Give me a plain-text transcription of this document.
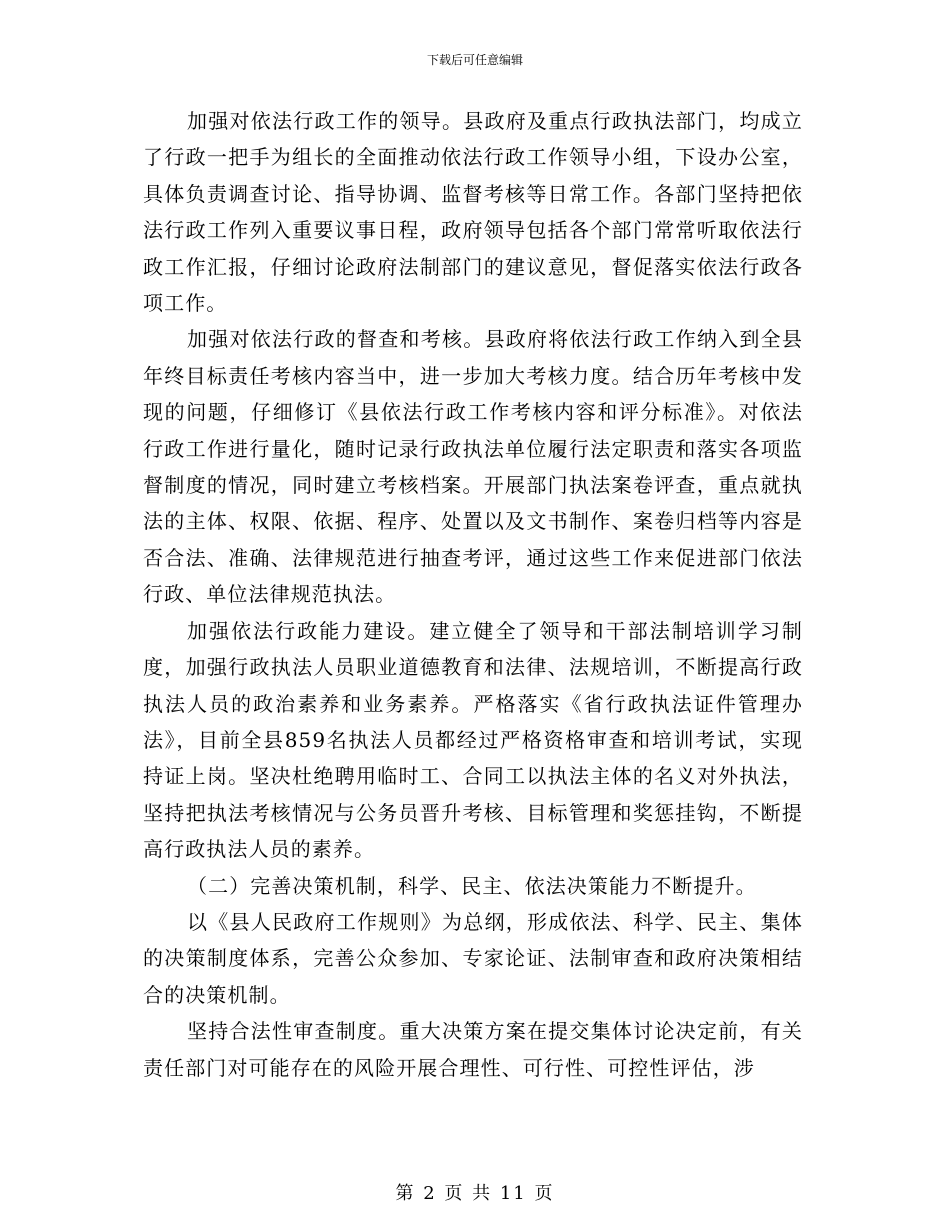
下载后可任意编辑

加强对依法行政工作的领导。县政府及重点行政执法部门，均成立了行政一把手为组长的全面推动依法行政工作领导小组，下设办公室，具体负责调查讨论、指导协调、监督考核等日常工作。各部门坚持把依法行政工作列入重要议事日程，政府领导包括各个部门常常听取依法行政工作汇报，仔细讨论政府法制部门的建议意见，督促落实依法行政各项工作。

加强对依法行政的督查和考核。县政府将依法行政工作纳入到全县年终目标责任考核内容当中，进一步加大考核力度。结合历年考核中发现的问题，仔细修订《县依法行政工作考核内容和评分标准》。对依法行政工作进行量化，随时记录行政执法单位履行法定职责和落实各项监督制度的情况，同时建立考核档案。开展部门执法案卷评查，重点就执法的主体、权限、依据、程序、处置以及文书制作、案卷归档等内容是否合法、准确、法律规范进行抽查考评，通过这些工作来促进部门依法行政、单位法律规范执法。

加强依法行政能力建设。建立健全了领导和干部法制培训学习制度，加强行政执法人员职业道德教育和法律、法规培训，不断提高行政执法人员的政治素养和业务素养。严格落实《省行政执法证件管理办法》，目前全县859名执法人员都经过严格资格审查和培训考试，实现持证上岗。坚决杜绝聘用临时工、合同工以执法主体的名义对外执法，坚持把执法考核情况与公务员晋升考核、目标管理和奖惩挂钩，不断提高行政执法人员的素养。

（二）完善决策机制，科学、民主、依法决策能力不断提升。

以《县人民政府工作规则》为总纲，形成依法、科学、民主、集体的决策制度体系，完善公众参加、专家论证、法制审查和政府决策相结合的决策机制。

坚持合法性审查制度。重大决策方案在提交集体讨论决定前，有关责任部门对可能存在的风险开展合理性、可行性、可控性评估，涉

第 2 页 共 11 页
